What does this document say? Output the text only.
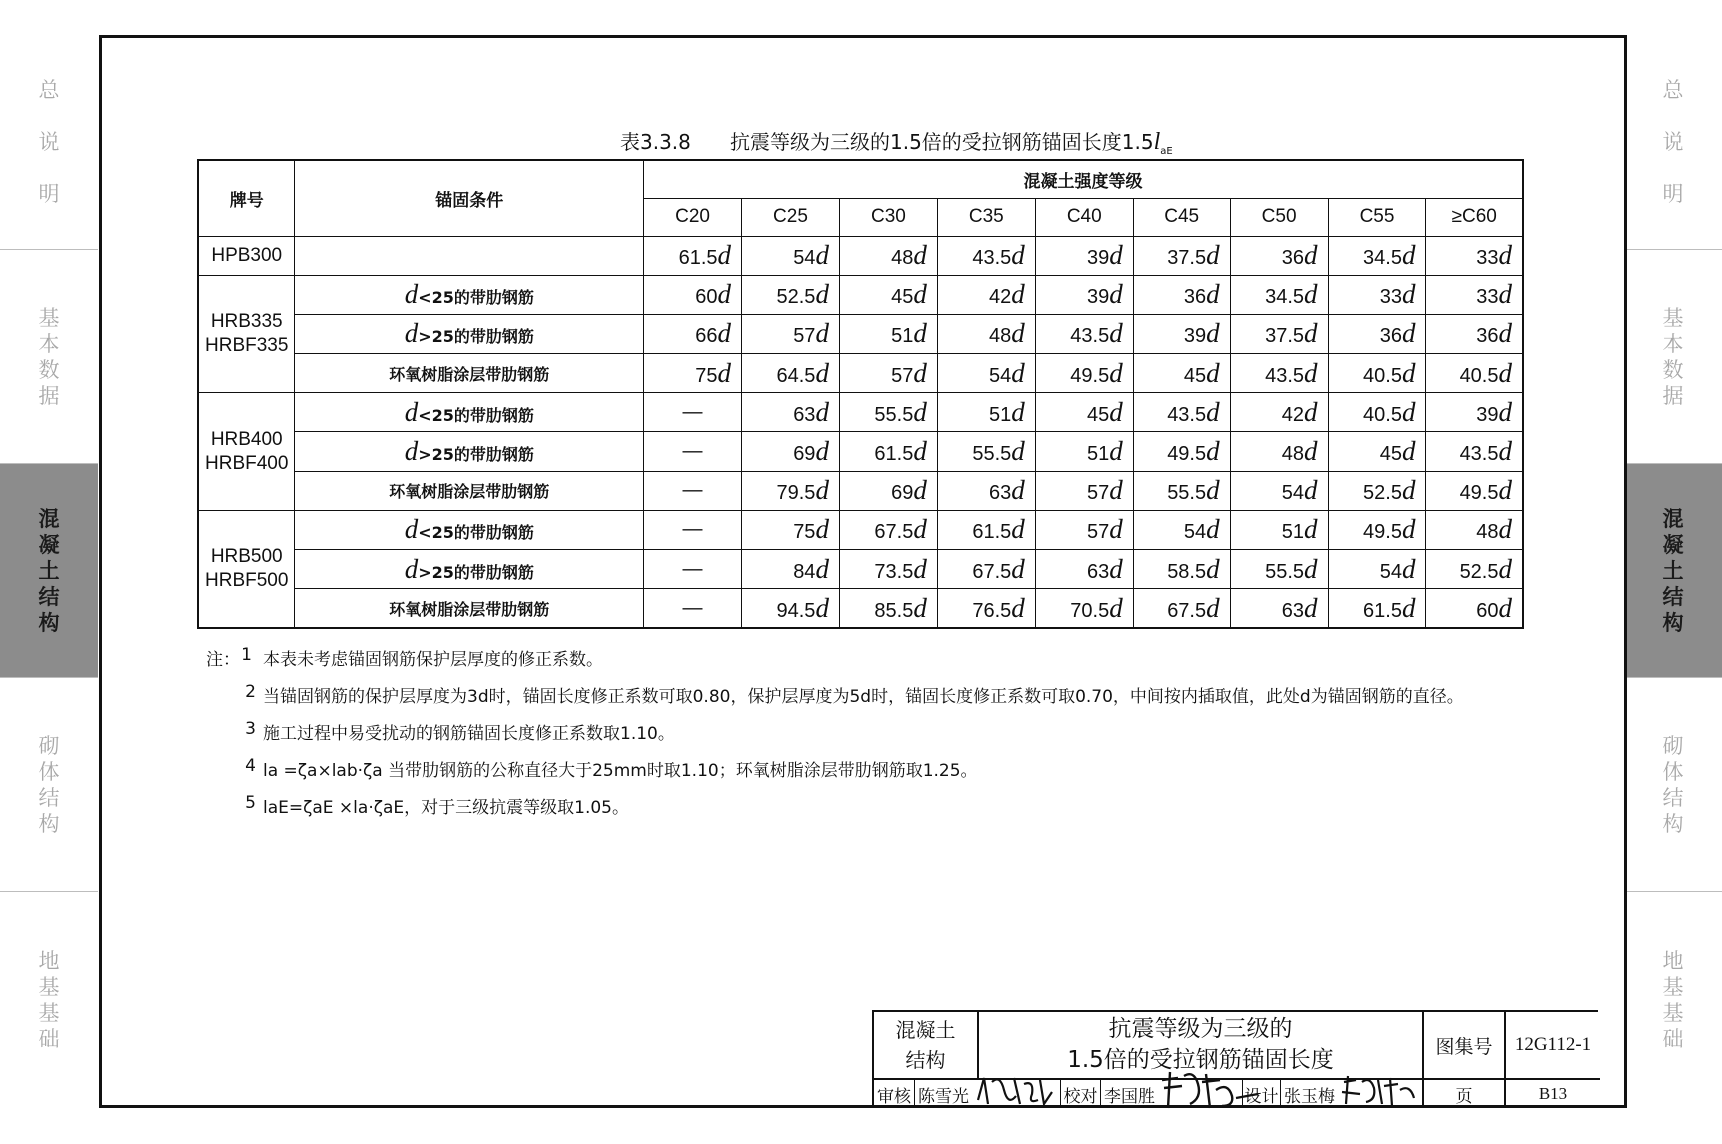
总
说
明
基
本
数
据
混
凝
土
结
构
砌
体
结
构
地
基
基
础
总
说
明
基
本
数
据
混
凝
土
结
构
砌
体
结
构
地
基
基
础
表3.3.8 抗震等级为三级的1.5倍的受拉钢筋锚固长度$1.5l_{aE}$
牌号	锚固条件	混凝土强度等级								
		C20	C25	C30	C35	C40	C45	C50	C55	≥C60

HPB300		61.5d	54d	48d	43.5d	39d	37.5d	36d	34.5d	33d

HRB335
HRBF335	d<25的带肋钢筋	60d	52.5d	45d	42d	39d	36d	34.5d	33d	33d
	d>25的带肋钢筋	66d	57d	51d	48d	43.5d	39d	37.5d	36d	36d
	环氧树脂涂层带肋钢筋	75d	64.5d	57d	54d	49.5d	45d	43.5d	40.5d	40.5d

HRB400
HRBF400	d<25的带肋钢筋	—	63d	55.5d	51d	45d	43.5d	42d	40.5d	39d
	d>25的带肋钢筋	—	69d	61.5d	55.5d	51d	49.5d	48d	45d	43.5d
	环氧树脂涂层带肋钢筋	—	79.5d	69d	63d	57d	55.5d	54d	52.5d	49.5d

HRB500
HRBF500	d<25的带肋钢筋	—	75d	67.5d	61.5d	57d	54d	51d	49.5d	48d
	d>25的带肋钢筋	—	84d	73.5d	67.5d	63d	58.5d	55.5d	54d	52.5d
	环氧树脂涂层带肋钢筋	—	94.5d	85.5d	76.5d	70.5d	67.5d	63d	61.5d	60d
注： 1 本表未考虑锚固钢筋保护层厚度的修正系数。
2 当锚固钢筋的保护层厚度为3d时，锚固长度修正系数可取0.80，保护层厚度为5d时，锚固长度修正系数可取0.70，中间按内插取值，此处d为锚固钢筋的直径。
3 施工过程中易受扰动的钢筋锚固长度修正系数取1.10。
4 la =ζa×lab·ζa 当带肋钢筋的公称直径大于25mm时取1.10；环氧树脂涂层带肋钢筋取1.25。
5 laE=ζaE ×la·ζaE，对于三级抗震等级取1.05。
混凝土
结构
抗震等级为三级的
1.5倍的受拉钢筋锚固长度
图集号	12G112-1
审核 陈雪光	校对 李国胜	设计 张玉梅	页	B13
